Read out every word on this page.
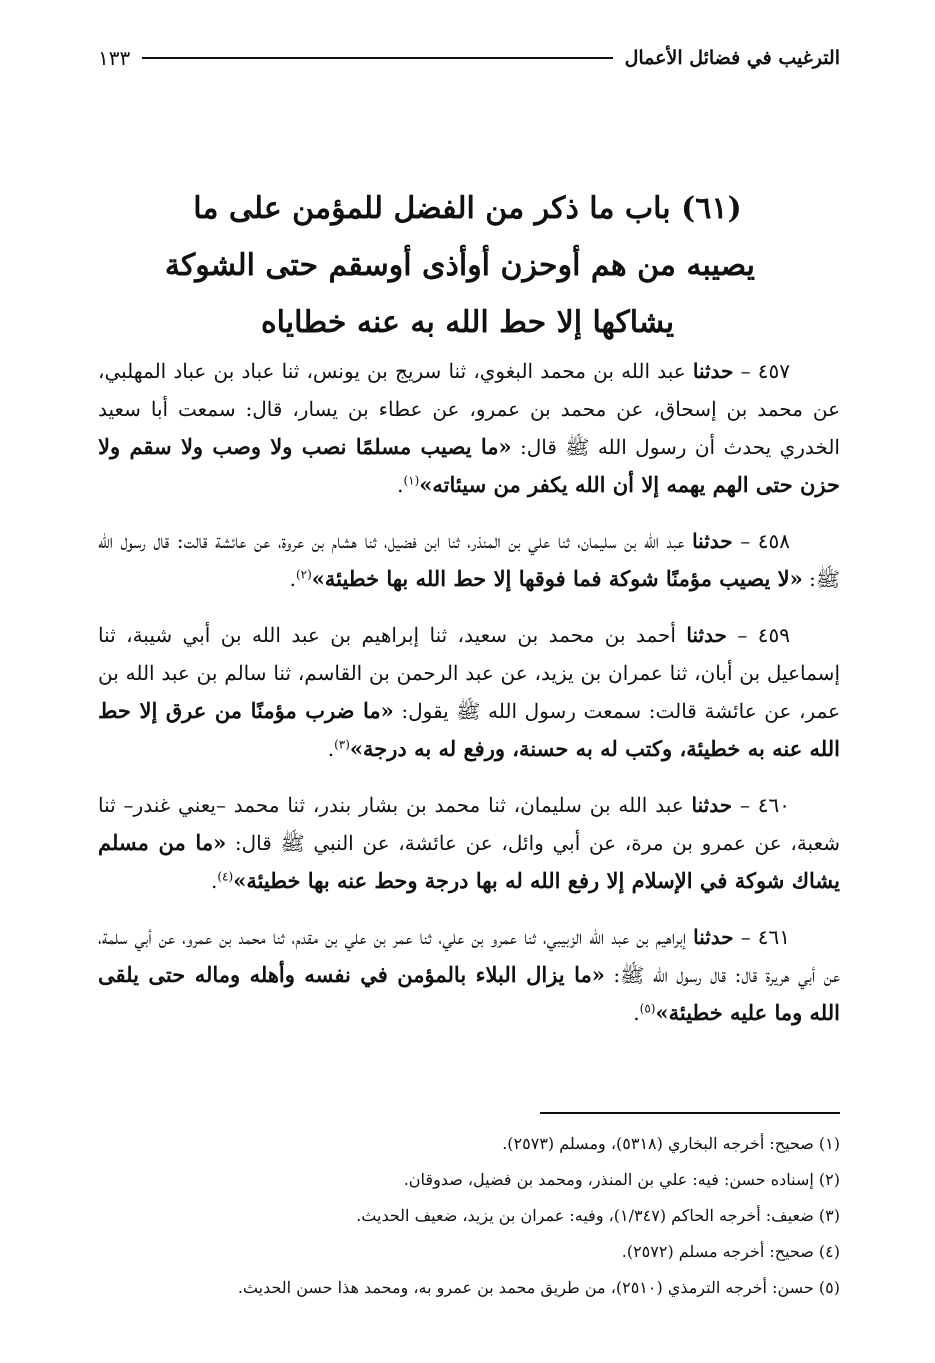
الترغيب في فضائل الأعمال
١٣٣
(٦١) باب ما ذكر من الفضل للمؤمن على ما
يصيبه من هم أوحزن أوأذى أوسقم حتى الشوكة
يشاكها إلا حط الله به عنه خطاياه

٤٥٧ – حدثنا عبد الله بن محمد البغوي، ثنا سريج بن يونس، ثنا عباد بن عباد المهلبي، عن محمد بن إسحاق، عن محمد بن عمرو، عن عطاء بن يسار، قال: سمعت أبا سعيد الخدري يحدث أن رسول الله ﷺ قال: «ما يصيب مسلمًا نصب ولا وصب ولا سقم ولا حزن حتى الهم يهمه إلا أن الله يكفر من سيئاته»$^{(١)}$.

٤٥٨ – حدثنا عبد الله بن سليمان، ثنا علي بن المنذر، ثنا ابن فضيل، ثنا هشام بن عروة، عن عائشة قالت: قال رسول الله ﷺ: «لا يصيب مؤمنًا شوكة فما فوقها إلا حط الله بها خطيئة»$^{(٢)}$.

٤٥٩ – حدثنا أحمد بن محمد بن سعيد، ثنا إبراهيم بن عبد الله بن أبي شيبة، ثنا إسماعيل بن أبان، ثنا عمران بن يزيد، عن عبد الرحمن بن القاسم، ثنا سالم بن عبد الله بن عمر، عن عائشة قالت: سمعت رسول الله ﷺ يقول: «ما ضرب مؤمنًا من عرق إلا حط الله عنه به خطيئة، وكتب له به حسنة، ورفع له به درجة»$^{(٣)}$.

٤٦٠ – حدثنا عبد الله بن سليمان، ثنا محمد بن بشار بندر، ثنا محمد –يعني غندر– ثنا شعبة، عن عمرو بن مرة، عن أبي وائل، عن عائشة، عن النبي ﷺ قال: «ما من مسلم يشاك شوكة في الإسلام إلا رفع الله له بها درجة وحط عنه بها خطيئة»$^{(٤)}$.

٤٦١ – حدثنا إبراهيم بن عبد الله الزبيبي، ثنا عمرو بن علي، ثنا عمر بن علي بن مقدم، ثنا محمد بن عمرو، عن أبي سلمة، عن أبي هريرة قال: قال رسول الله ﷺ: «ما يزال البلاء بالمؤمن في نفسه وأهله وماله حتى يلقى الله وما عليه خطيئة»$^{(٥)}$.

(١) صحيح: أخرجه البخاري (٥٣١٨)، ومسلم (٢٥٧٣).
(٢) إسناده حسن: فيه: علي بن المنذر، ومحمد بن فضيل، صدوقان.
(٣) ضعيف: أخرجه الحاكم (١/٣٤٧)، وفيه: عمران بن يزيد، ضعيف الحديث.
(٤) صحيح: أخرجه مسلم (٢٥٧٢).
(٥) حسن: أخرجه الترمذي (٢٥١٠)، من طريق محمد بن عمرو به، ومحمد هذا حسن الحديث.
